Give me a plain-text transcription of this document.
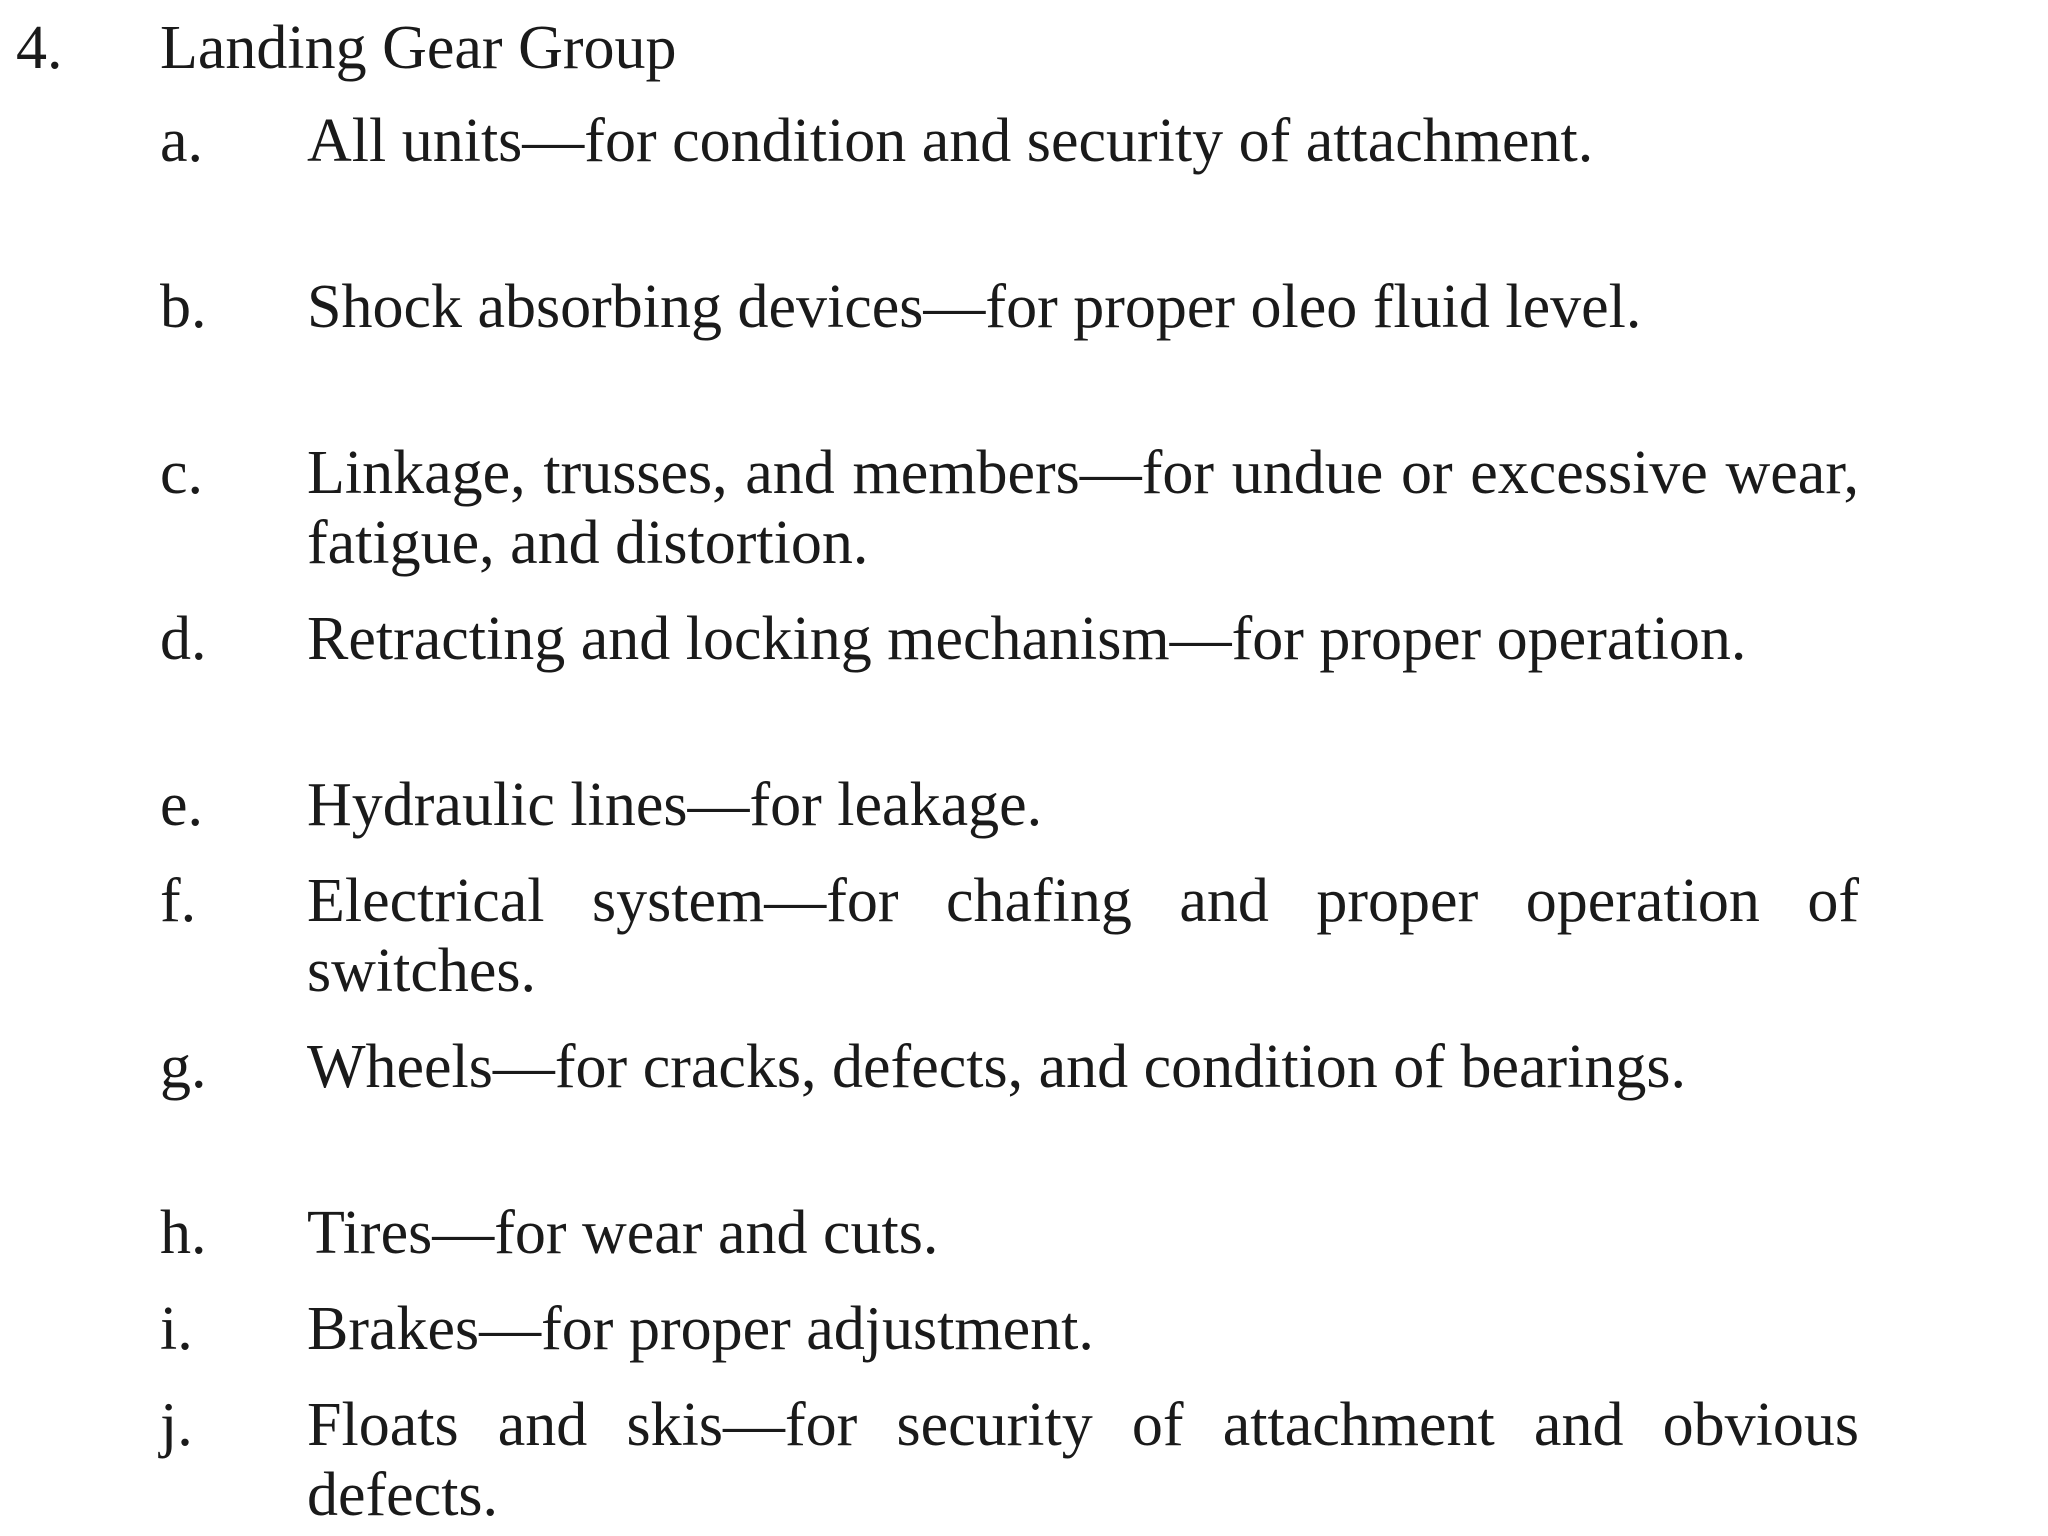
4. Landing Gear Group
a. All units—for condition and security of attachment.
b. Shock absorbing devices—for proper oleo fluid level.
c. Linkage, trusses, and members—for undue or excessive wear, fatigue, and distortion.
d. Retracting and locking mechanism—for proper operation.
e. Hydraulic lines—for leakage.
f. Electrical system—for chafing and proper operation of switches.
g. Wheels—for cracks, defects, and condition of bearings.
h. Tires—for wear and cuts.
i. Brakes—for proper adjustment.
j. Floats and skis—for security of attachment and obvious defects.
